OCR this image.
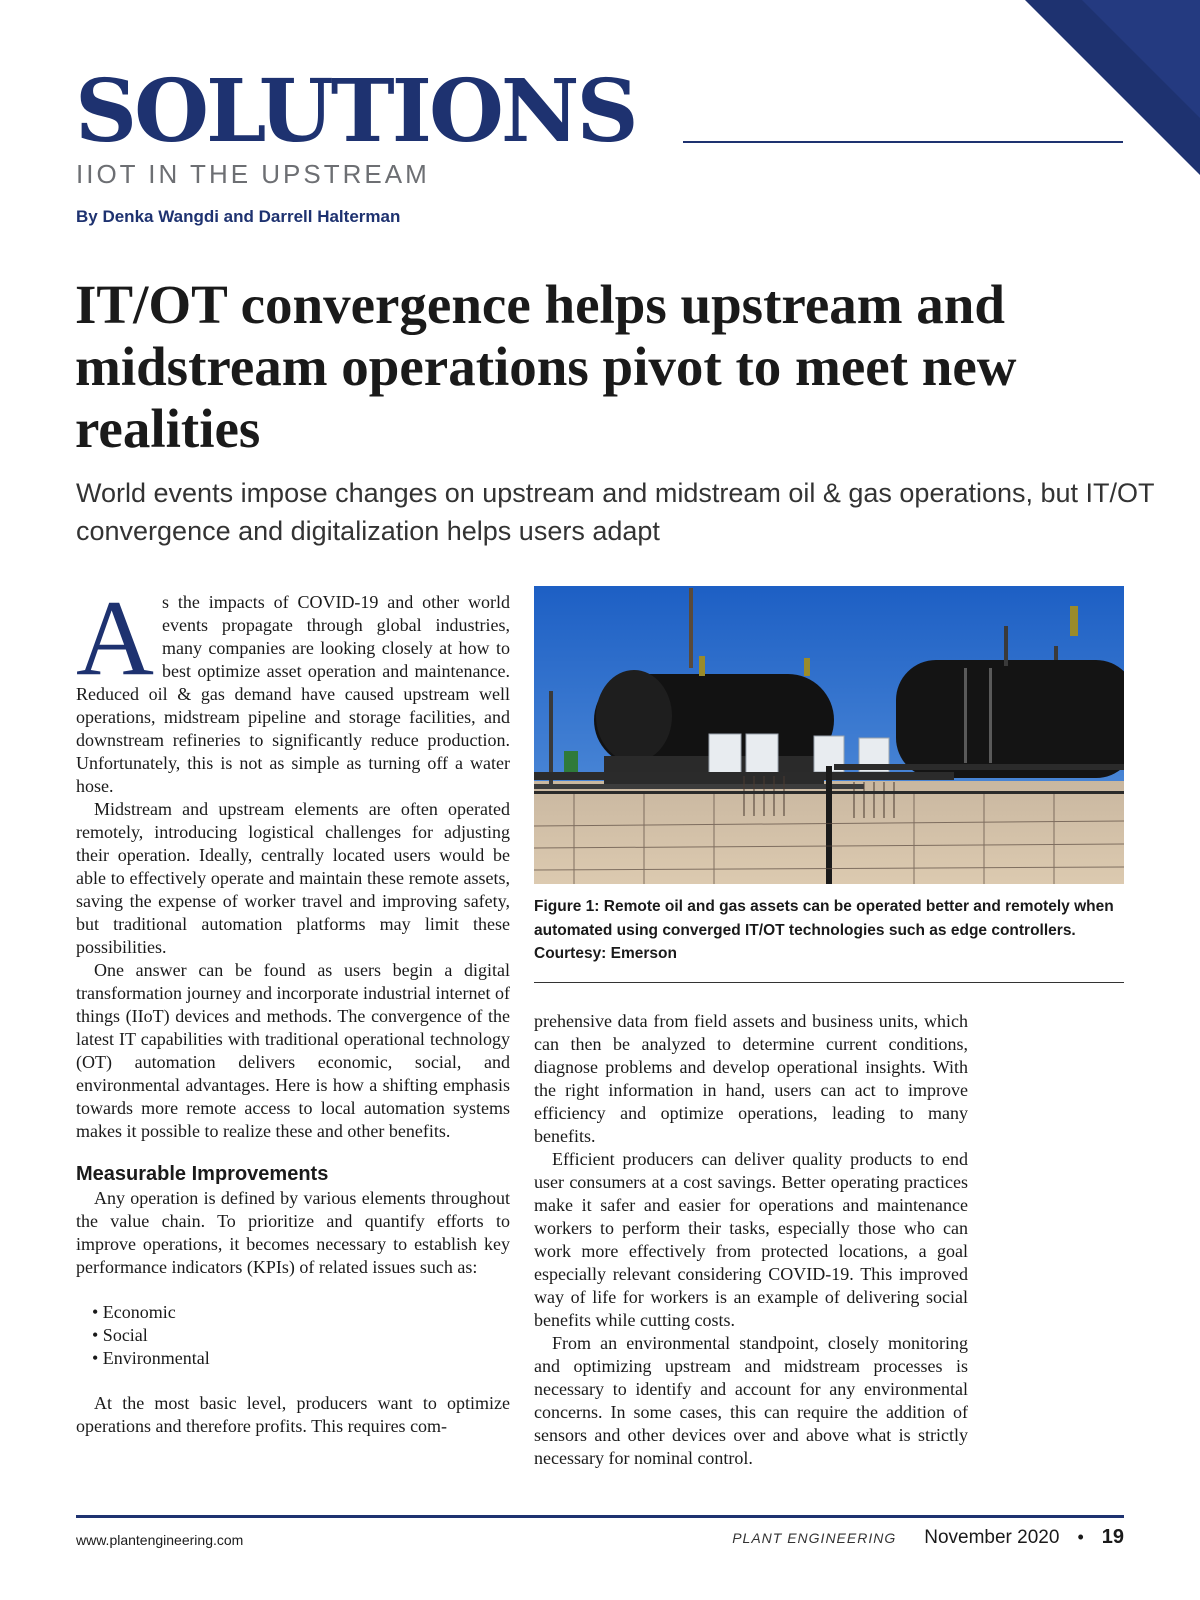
SOLUTIONS
IIOT IN THE UPSTREAM
By Denka Wangdi and Darrell Halterman
IT/OT convergence helps upstream and midstream operations pivot to meet new realities
World events impose changes on upstream and midstream oil & gas operations, but IT/OT convergence and digitalization helps users adapt

As the impacts of COVID-19 and other world events propagate through global industries, many companies are looking closely at how to best optimize asset operation and maintenance. Reduced oil & gas demand have caused upstream well operations, midstream pipeline and storage facilities, and downstream refineries to significantly reduce production. Unfortunately, this is not as simple as turning off a water hose.

Midstream and upstream elements are often operated remotely, introducing logistical challenges for adjusting their operation. Ideally, centrally located users would be able to effectively operate and maintain these remote assets, saving the expense of worker travel and improving safety, but traditional automation platforms may limit these possibilities.

One answer can be found as users begin a digital transformation journey and incorporate industrial internet of things (IIoT) devices and methods. The convergence of the latest IT capabilities with traditional operational technology (OT) automation delivers economic, social, and environmental advantages. Here is how a shifting emphasis towards more remote access to local automation systems makes it possible to realize these and other benefits.

Measurable Improvements

Any operation is defined by various elements throughout the value chain. To prioritize and quantify efforts to improve operations, it becomes necessary to establish key performance indicators (KPIs) of related issues such as:

• Economic
• Social
• Environmental

At the most basic level, producers want to optimize operations and therefore profits. This requires com-

Figure 1: Remote oil and gas assets can be operated better and remotely when automated using converged IT/OT technologies such as edge controllers. Courtesy: Emerson

prehensive data from field assets and business units, which can then be analyzed to determine current conditions, diagnose problems and develop operational insights. With the right information in hand, users can act to improve efficiency and optimize operations, leading to many benefits.

Efficient producers can deliver quality products to end user consumers at a cost savings. Better operating practices make it safer and easier for operations and maintenance workers to perform their tasks, especially those who can work more effectively from protected locations, a goal especially relevant considering COVID-19. This improved way of life for workers is an example of delivering social benefits while cutting costs.

From an environmental standpoint, closely monitoring and optimizing upstream and midstream processes is necessary to identify and account for any environmental concerns. In some cases, this can require the addition of sensors and other devices over and above what is strictly necessary for nominal control.

www.plantengineering.com	PLANT ENGINEERING November 2020 • 19
